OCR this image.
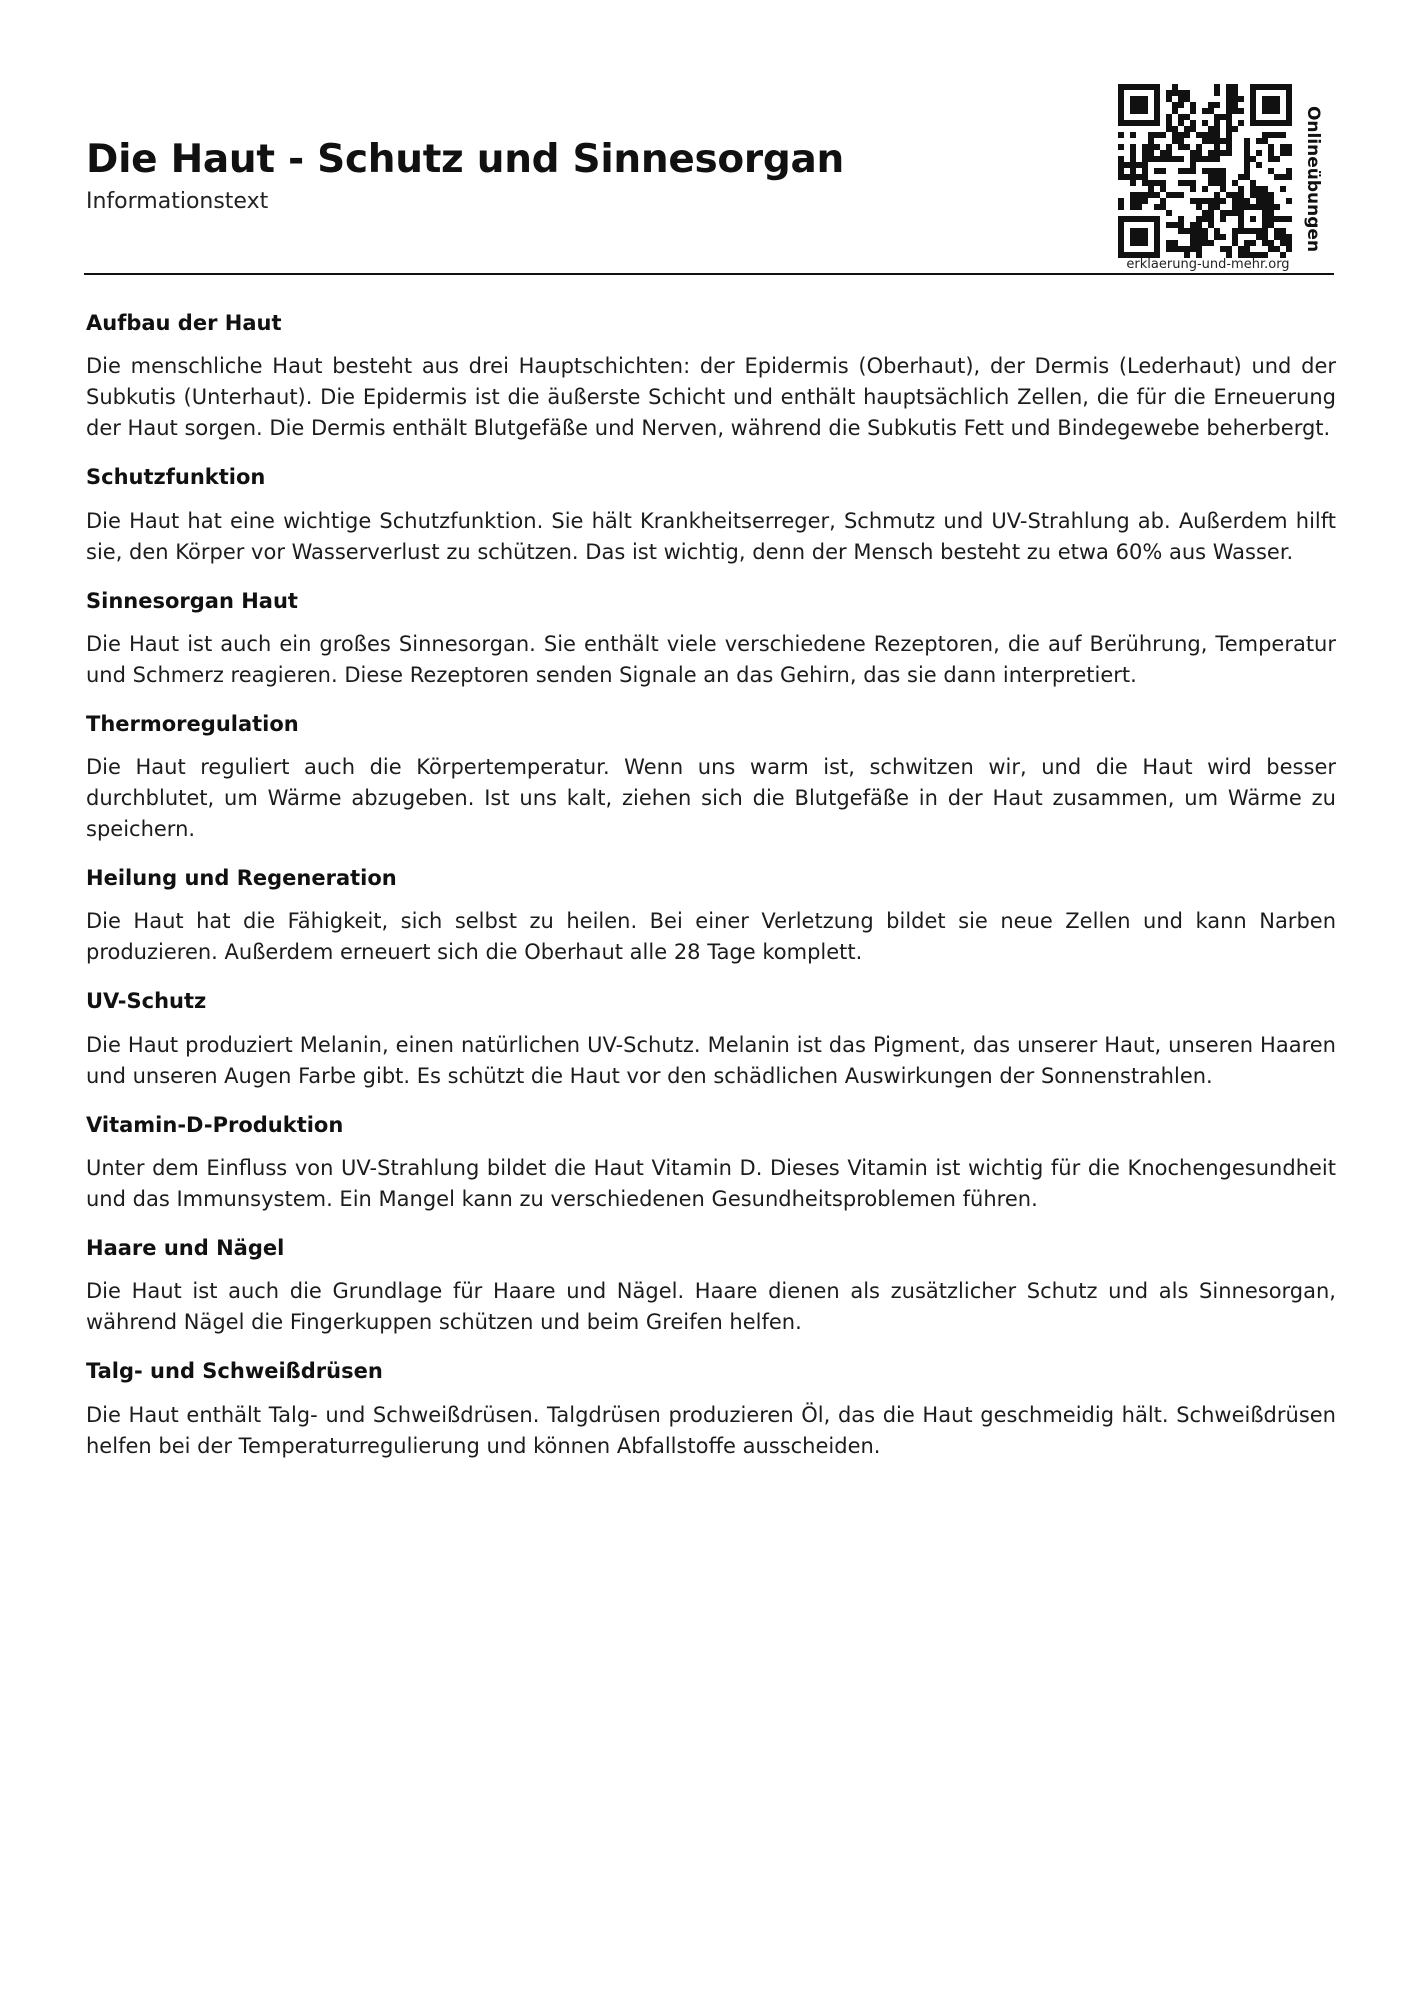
Die Haut - Schutz und Sinnesorgan
Informationstext	Onlineübungen
erklaerung-und-mehr.org
Aufbau der Haut

Die menschliche Haut besteht aus drei Hauptschichten: der Epidermis (Oberhaut), der Dermis (Lederhaut) und der Subkutis (Unterhaut). Die Epidermis ist die äußerste Schicht und enthält hauptsächlich Zellen, die für die Erneuerung der Haut sorgen. Die Dermis enthält Blutgefäße und Nerven, während die Subkutis Fett und Bindegewebe beherbergt.

Schutzfunktion

Die Haut hat eine wichtige Schutzfunktion. Sie hält Krankheitserreger, Schmutz und UV-Strahlung ab. Außerdem hilft sie, den Körper vor Wasserverlust zu schützen. Das ist wichtig, denn der Mensch besteht zu etwa 60% aus Wasser.

Sinnesorgan Haut

Die Haut ist auch ein großes Sinnesorgan. Sie enthält viele verschiedene Rezeptoren, die auf Berührung, Temperatur und Schmerz reagieren. Diese Rezeptoren senden Signale an das Gehirn, das sie dann interpretiert.

Thermoregulation

Die Haut reguliert auch die Körpertemperatur. Wenn uns warm ist, schwitzen wir, und die Haut wird besser durchblutet, um Wärme abzugeben. Ist uns kalt, ziehen sich die Blutgefäße in der Haut zusammen, um Wärme zu speichern.

Heilung und Regeneration

Die Haut hat die Fähigkeit, sich selbst zu heilen. Bei einer Verletzung bildet sie neue Zellen und kann Narben produzieren. Außerdem erneuert sich die Oberhaut alle 28 Tage komplett.

UV-Schutz

Die Haut produziert Melanin, einen natürlichen UV-Schutz. Melanin ist das Pigment, das unserer Haut, unseren Haaren und unseren Augen Farbe gibt. Es schützt die Haut vor den schädlichen Auswirkungen der Sonnenstrahlen.

Vitamin-D-Produktion

Unter dem Einfluss von UV-Strahlung bildet die Haut Vitamin D. Dieses Vitamin ist wichtig für die Knochengesundheit und das Immunsystem. Ein Mangel kann zu verschiedenen Gesundheitsproblemen führen.

Haare und Nägel

Die Haut ist auch die Grundlage für Haare und Nägel. Haare dienen als zusätzlicher Schutz und als Sinnesorgan, während Nägel die Fingerkuppen schützen und beim Greifen helfen.

Talg- und Schweißdrüsen

Die Haut enthält Talg- und Schweißdrüsen. Talgdrüsen produzieren Öl, das die Haut geschmeidig hält. Schweißdrüsen helfen bei der Temperaturregulierung und können Abfallstoffe ausscheiden.
